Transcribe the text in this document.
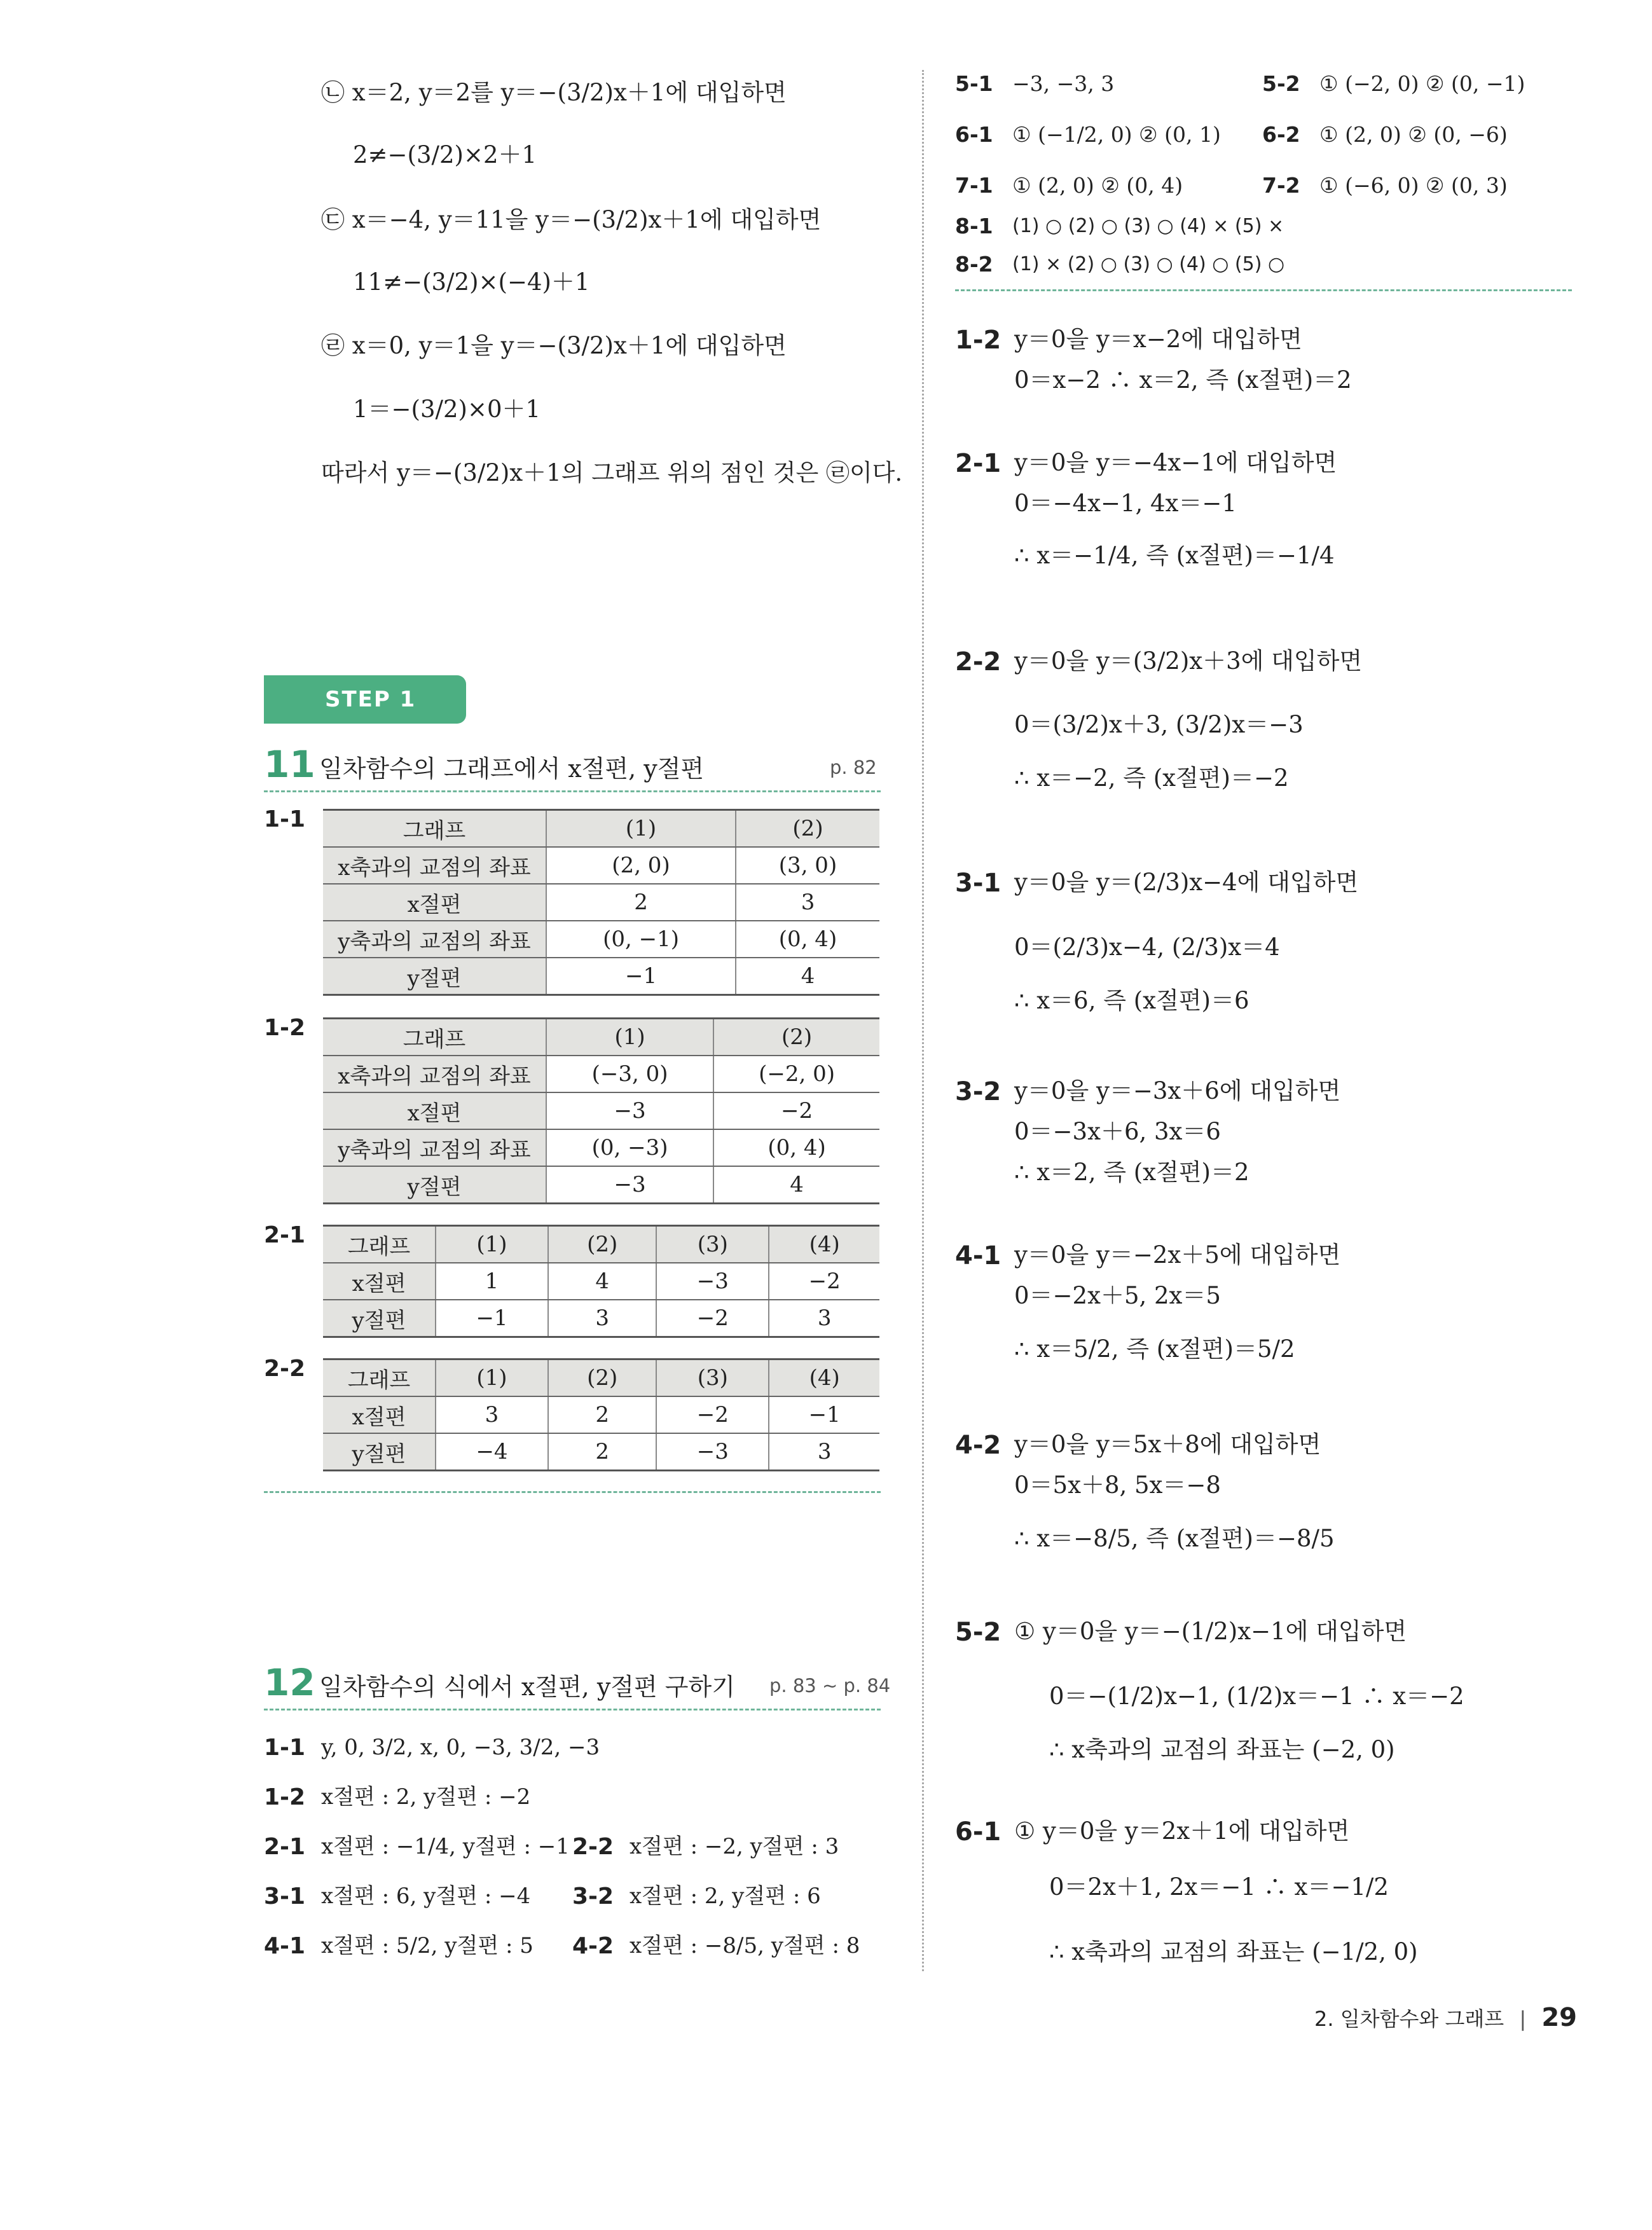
㉡ x＝2, y＝2를 y＝−(3/2)x＋1에 대입하면
2≠−(3/2)×2＋1
㉢ x＝−4, y＝11을 y＝−(3/2)x＋1에 대입하면
11≠−(3/2)×(−4)＋1
㉣ x＝0, y＝1을 y＝−(3/2)x＋1에 대입하면
1＝−(3/2)×0＋1
따라서 y＝−(3/2)x＋1의 그래프 위의 점인 것은 ㉣이다.
STEP 1
11 일차함수의 그래프에서 x절편, y절편	p. 82
1-1	그래프	(1)	(2)
x축과의 교점의 좌표	(2, 0)	(3, 0)
x절편	2	3
y축과의 교점의 좌표	(0, −1)	(0, 4)
y절편	−1	4
1-2	그래프	(1)	(2)
x축과의 교점의 좌표	(−3, 0)	(−2, 0)
x절편	−3	−2
y축과의 교점의 좌표	(0, −3)	(0, 4)
y절편	−3	4
2-1 그래프	(1)	(2)	(3)	(4)
x절편	1	4	−3	−2
y절편	−1	3	−2	3
2-2 그래프	(1)	(2)	(3)	(4)
x절편	3	2	−2	−1
y절편	−4	2	−3	3
12 일차함수의 식에서 x절편, y절편 구하기 p. 83 ~ p. 84
1-1 y, 0, 3/2, x, 0, −3, 3/2, −3
1-2 x절편 : 2, y절편 : −2
2-1 x절편 : −1/4, y절편 : −1 2-2 x절편 : −2, y절편 : 3
3-1 x절편 : 6, y절편 : −4 3-2 x절편 : 2, y절편 : 6
4-1 x절편 : 5/2, y절편 : 5 4-2 x절편 : −8/5, y절편 : 8
5-1 −3, −3, 3	5-2 ① (−2, 0) ② (0, −1)
6-1 ① (−1/2, 0) ② (0, 1) 6-2 ① (2, 0) ② (0, −6)
7-1 ① (2, 0) ② (0, 4)	7-2 ① (−6, 0) ② (0, 3)
8-1 (1) ○ (2) ○ (3) ○ (4) × (5) ×
8-2 (1) × (2) ○ (3) ○ (4) ○ (5) ○
1-2 y＝0을 y＝x−2에 대입하면
0＝x−2 ∴ x＝2, 즉 (x절편)＝2
2-1 y＝0을 y＝−4x−1에 대입하면
0＝−4x−1, 4x＝−1
∴ x＝−1/4, 즉 (x절편)＝−1/4
2-2 y＝0을 y＝(3/2)x＋3에 대입하면
0＝(3/2)x＋3, (3/2)x＝−3
∴ x＝−2, 즉 (x절편)＝−2
3-1 y＝0을 y＝(2/3)x−4에 대입하면
0＝(2/3)x−4, (2/3)x＝4
∴ x＝6, 즉 (x절편)＝6
3-2 y＝0을 y＝−3x＋6에 대입하면
0＝−3x＋6, 3x＝6
∴ x＝2, 즉 (x절편)＝2
4-1 y＝0을 y＝−2x＋5에 대입하면
0＝−2x＋5, 2x＝5
∴ x＝5/2, 즉 (x절편)＝5/2
4-2 y＝0을 y＝5x＋8에 대입하면
0＝5x＋8, 5x＝−8
∴ x＝−8/5, 즉 (x절편)＝−8/5
5-2 ① y＝0을 y＝−(1/2)x−1에 대입하면
0＝−(1/2)x−1, (1/2)x＝−1 ∴ x＝−2
∴ x축과의 교점의 좌표는 (−2, 0)
6-1 ① y＝0을 y＝2x＋1에 대입하면
0＝2x＋1, 2x＝−1 ∴ x＝−1/2
∴ x축과의 교점의 좌표는 (−1/2, 0)
2. 일차함수와 그래프 | 29
